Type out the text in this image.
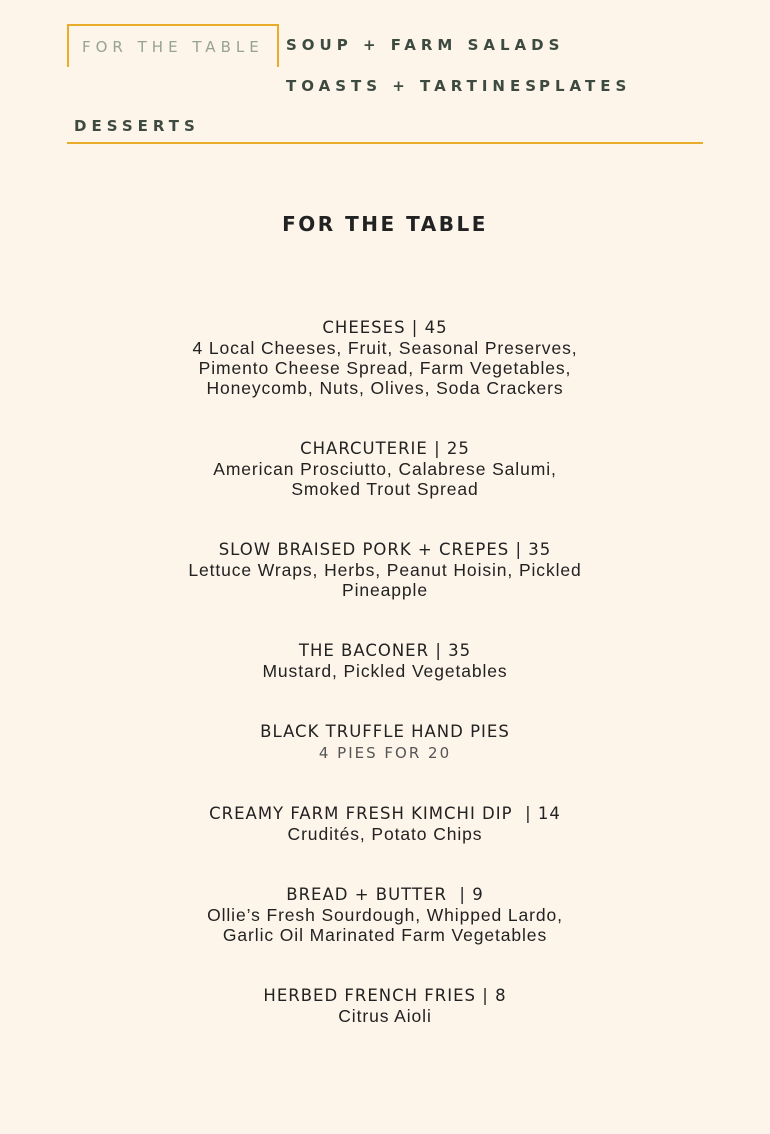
FOR THE TABLE	SOUP + FARM SALADS
TOASTS + TARTINES
PLATES
DESSERTS
FOR THE TABLE
CHEESES | 45
4 Local Cheeses, Fruit, Seasonal Preserves, Pimento Cheese Spread, Farm Vegetables, Honeycomb, Nuts, Olives, Soda Crackers
CHARCUTERIE | 25
American Prosciutto, Calabrese Salumi, Smoked Trout Spread
SLOW BRAISED PORK + CREPES | 35
Lettuce Wraps, Herbs, Peanut Hoisin, Pickled Pineapple
THE BACONER | 35
Mustard, Pickled Vegetables
BLACK TRUFFLE HAND PIES
4 PIES FOR 20
CREAMY FARM FRESH KIMCHI DIP  | 14
Crudités, Potato Chips
BREAD + BUTTER  | 9
Ollie’s Fresh Sourdough, Whipped Lardo, Garlic Oil Marinated Farm Vegetables
HERBED FRENCH FRIES | 8
Citrus Aioli
